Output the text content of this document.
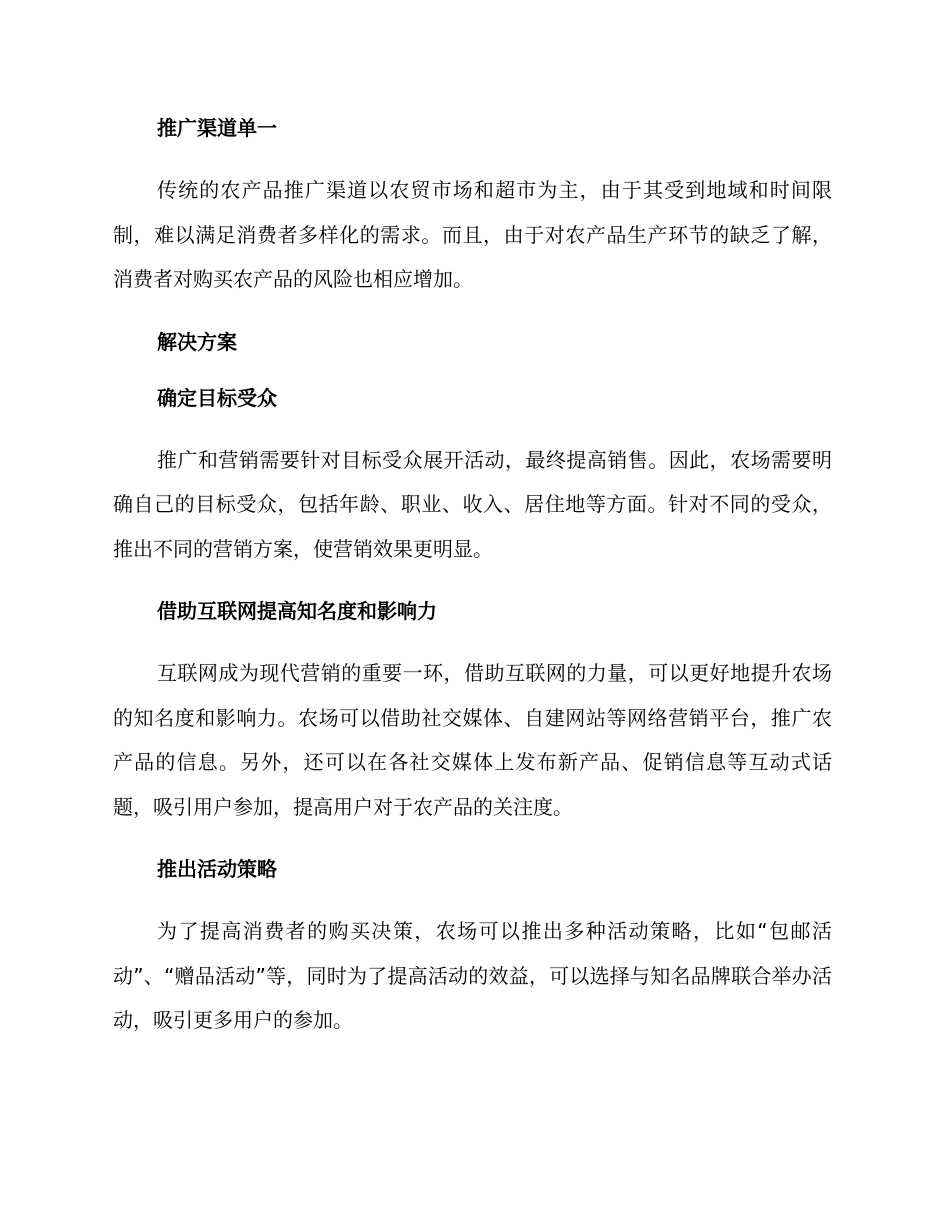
推广渠道单一

传统的农产品推广渠道以农贸市场和超市为主，由于其受到地域和时间限制，难以满足消费者多样化的需求。而且，由于对农产品生产环节的缺乏了解，消费者对购买农产品的风险也相应增加。

解决方案
确定目标受众

推广和营销需要针对目标受众展开活动，最终提高销售。因此，农场需要明确自己的目标受众，包括年龄、职业、收入、居住地等方面。针对不同的受众，推出不同的营销方案，使营销效果更明显。

借助互联网提高知名度和影响力

互联网成为现代营销的重要一环，借助互联网的力量，可以更好地提升农场的知名度和影响力。农场可以借助社交媒体、自建网站等网络营销平台，推广农产品的信息。另外，还可以在各社交媒体上发布新产品、促销信息等互动式话题，吸引用户参加，提高用户对于农产品的关注度。

推出活动策略

为了提高消费者的购买决策，农场可以推出多种活动策略，比如“包邮活动”、“赠品活动”等，同时为了提高活动的效益，可以选择与知名品牌联合举办活动，吸引更多用户的参加。
